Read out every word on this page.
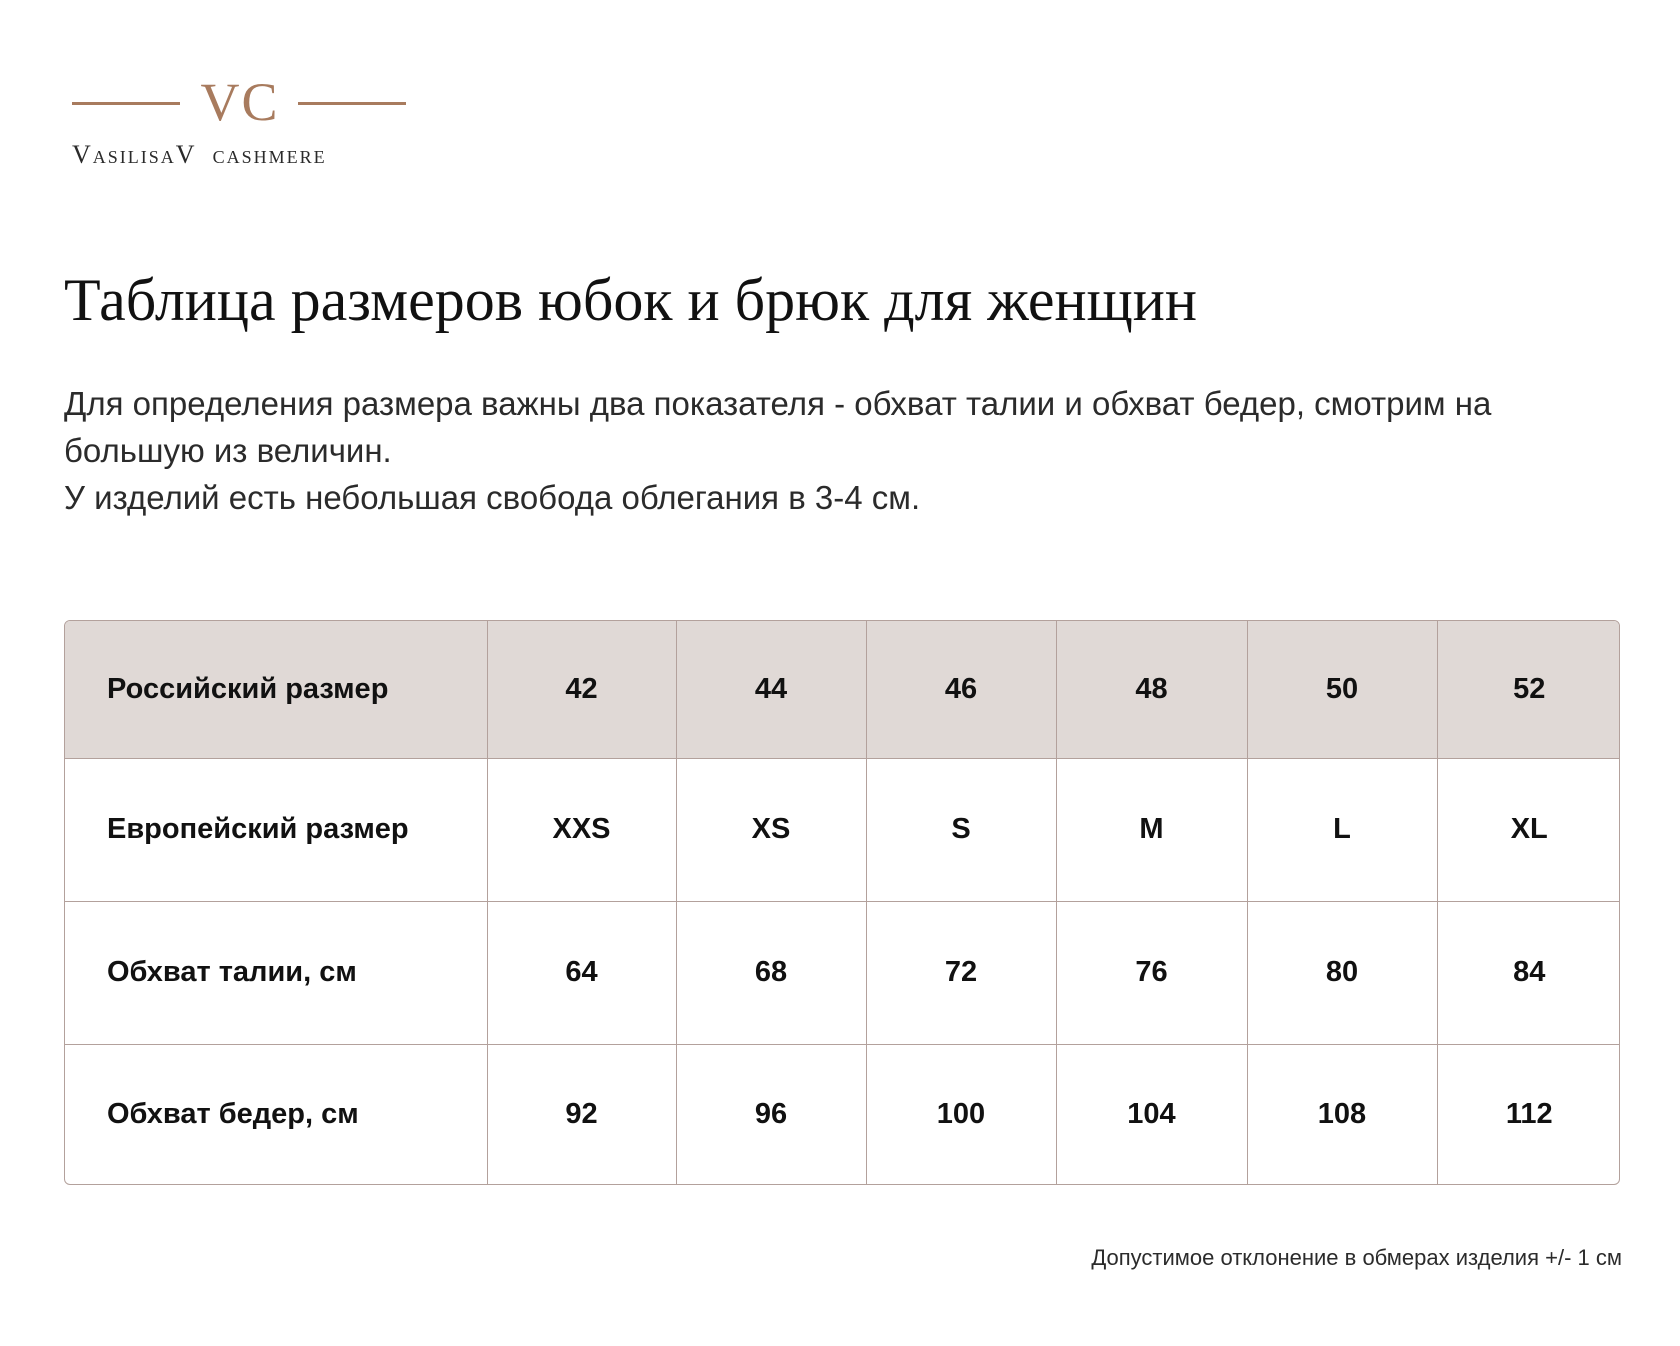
VC
VasilisaV cashmere
Таблица размеров юбок и брюк для женщин

Для определения размера важны два показателя - обхват талии и обхват бедер, смотрим на большую из величин.

У изделий есть небольшая свобода облегания в 3-4 см.

Российский размер	42	44	46	48	50	52
Европейский размер	XXS	XS	S	M	L	XL
Обхват талии, см	64	68	72	76	80	84
Обхват бедер, см	92	96	100	104	108	112
Допустимое отклонение в обмерах изделия +/- 1 см
